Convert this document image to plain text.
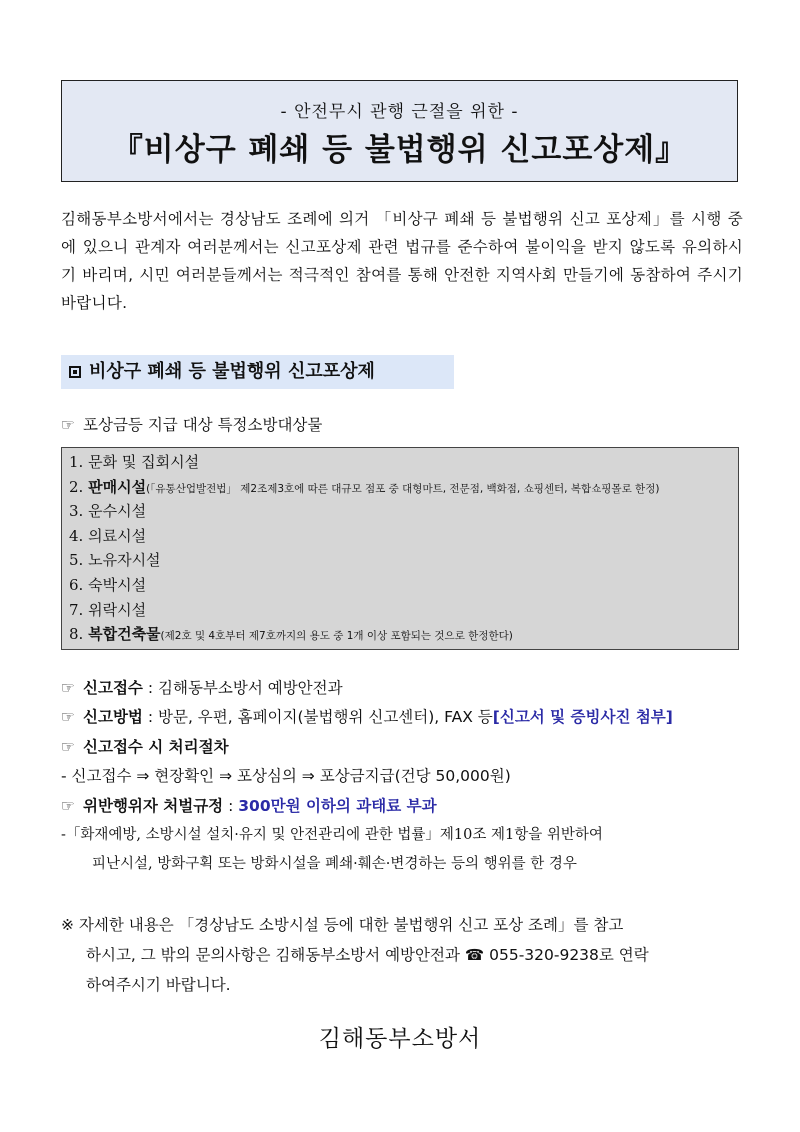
- 안전무시 관행 근절을 위한 -
『비상구 폐쇄 등 불법행위 신고포상제』
김해동부소방서에서는 경상남도 조례에 의거 「비상구 폐쇄 등 불법행위 신고 포상제」를 시행 중에 있으니 관계자 여러분께서는 신고포상제 관련 법규를 준수하여 불이익을 받지 않도록 유의하시기 바리며, 시민 여러분들께서는 적극적인 참여를 통해 안전한 지역사회 만들기에 동참하여 주시기 바랍니다.
비상구 폐쇄 등 불법행위 신고포상제
☞ 포상금등 지급 대상 특정소방대상물
1. 문화 및 집회시설
2. 판매시설(「유통산업발전법」 제2조제3호에 따른 대규모 점포 중 대형마트, 전문점, 백화점, 쇼핑센터, 복합쇼핑몰로 한정)
3. 운수시설
4. 의료시설
5. 노유자시설
6. 숙박시설
7. 위락시설
8. 복합건축물(제2호 및 4호부터 제7호까지의 용도 중 1개 이상 포함되는 것으로 한정한다)
☞ 신고접수 : 김해동부소방서 예방안전과
☞ 신고방법 : 방문, 우편, 홈페이지(불법행위 신고센터), FAX 등[신고서 및 증빙사진 첨부]
☞ 신고접수 시 처리절차
- 신고접수 ⇒ 현장확인 ⇒ 포상심의 ⇒ 포상금지급(건당 50,000원)
☞ 위반행위자 처벌규정 : 300만원 이하의 과태료 부과
-「화재예방, 소방시설 설치·유지 및 안전관리에 관한 법률」제10조 제1항을 위반하여
피난시설, 방화구획 또는 방화시설을 폐쇄·훼손·변경하는 등의 행위를 한 경우
※ 자세한 내용은 「경상남도 소방시설 등에 대한 불법행위 신고 포상 조례」를 참고
하시고, 그 밖의 문의사항은 김해동부소방서 예방안전과 ☎ 055-320-9238로 연락
하여주시기 바랍니다.
김해동부소방서
